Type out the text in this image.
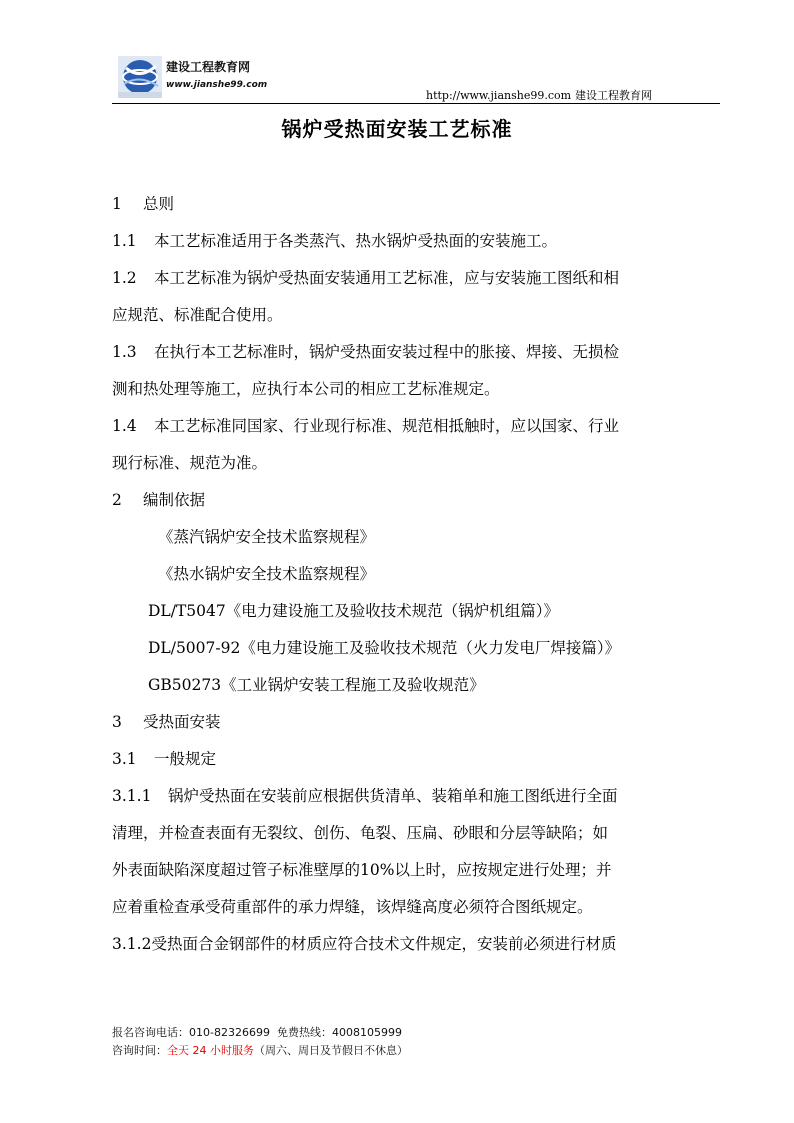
建设工程教育网
www.jianshe99.com
http://www.jianshe99.com 建设工程教育网
锅炉受热面安装工艺标准
1 总则
1.1 本工艺标准适用于各类蒸汽、热水锅炉受热面的安装施工。
1.2 本工艺标准为锅炉受热面安装通用工艺标准，应与安装施工图纸和相
应规范、标准配合使用。
1.3 在执行本工艺标准时，锅炉受热面安装过程中的胀接、焊接、无损检
测和热处理等施工，应执行本公司的相应工艺标准规定。
1.4 本工艺标准同国家、行业现行标准、规范相抵触时，应以国家、行业
现行标准、规范为准。
2 编制依据
《蒸汽锅炉安全技术监察规程》
《热水锅炉安全技术监察规程》
DL/T5047《电力建设施工及验收技术规范（锅炉机组篇）》
DL/5007-92《电力建设施工及验收技术规范（火力发电厂焊接篇）》
GB50273《工业锅炉安装工程施工及验收规范》
3 受热面安装
3.1 一般规定
3.1.1 锅炉受热面在安装前应根据供货清单、装箱单和施工图纸进行全面
清理，并检查表面有无裂纹、创伤、龟裂、压扁、砂眼和分层等缺陷；如
外表面缺陷深度超过管子标准壁厚的10%以上时，应按规定进行处理；并
应着重检查承受荷重部件的承力焊缝，该焊缝高度必须符合图纸规定。
3.1.2受热面合金钢部件的材质应符合技术文件规定，安装前必须进行材质
报名咨询电话：010-82326699 免费热线：4008105999
咨询时间：全天 24 小时服务（周六、周日及节假日不休息）
